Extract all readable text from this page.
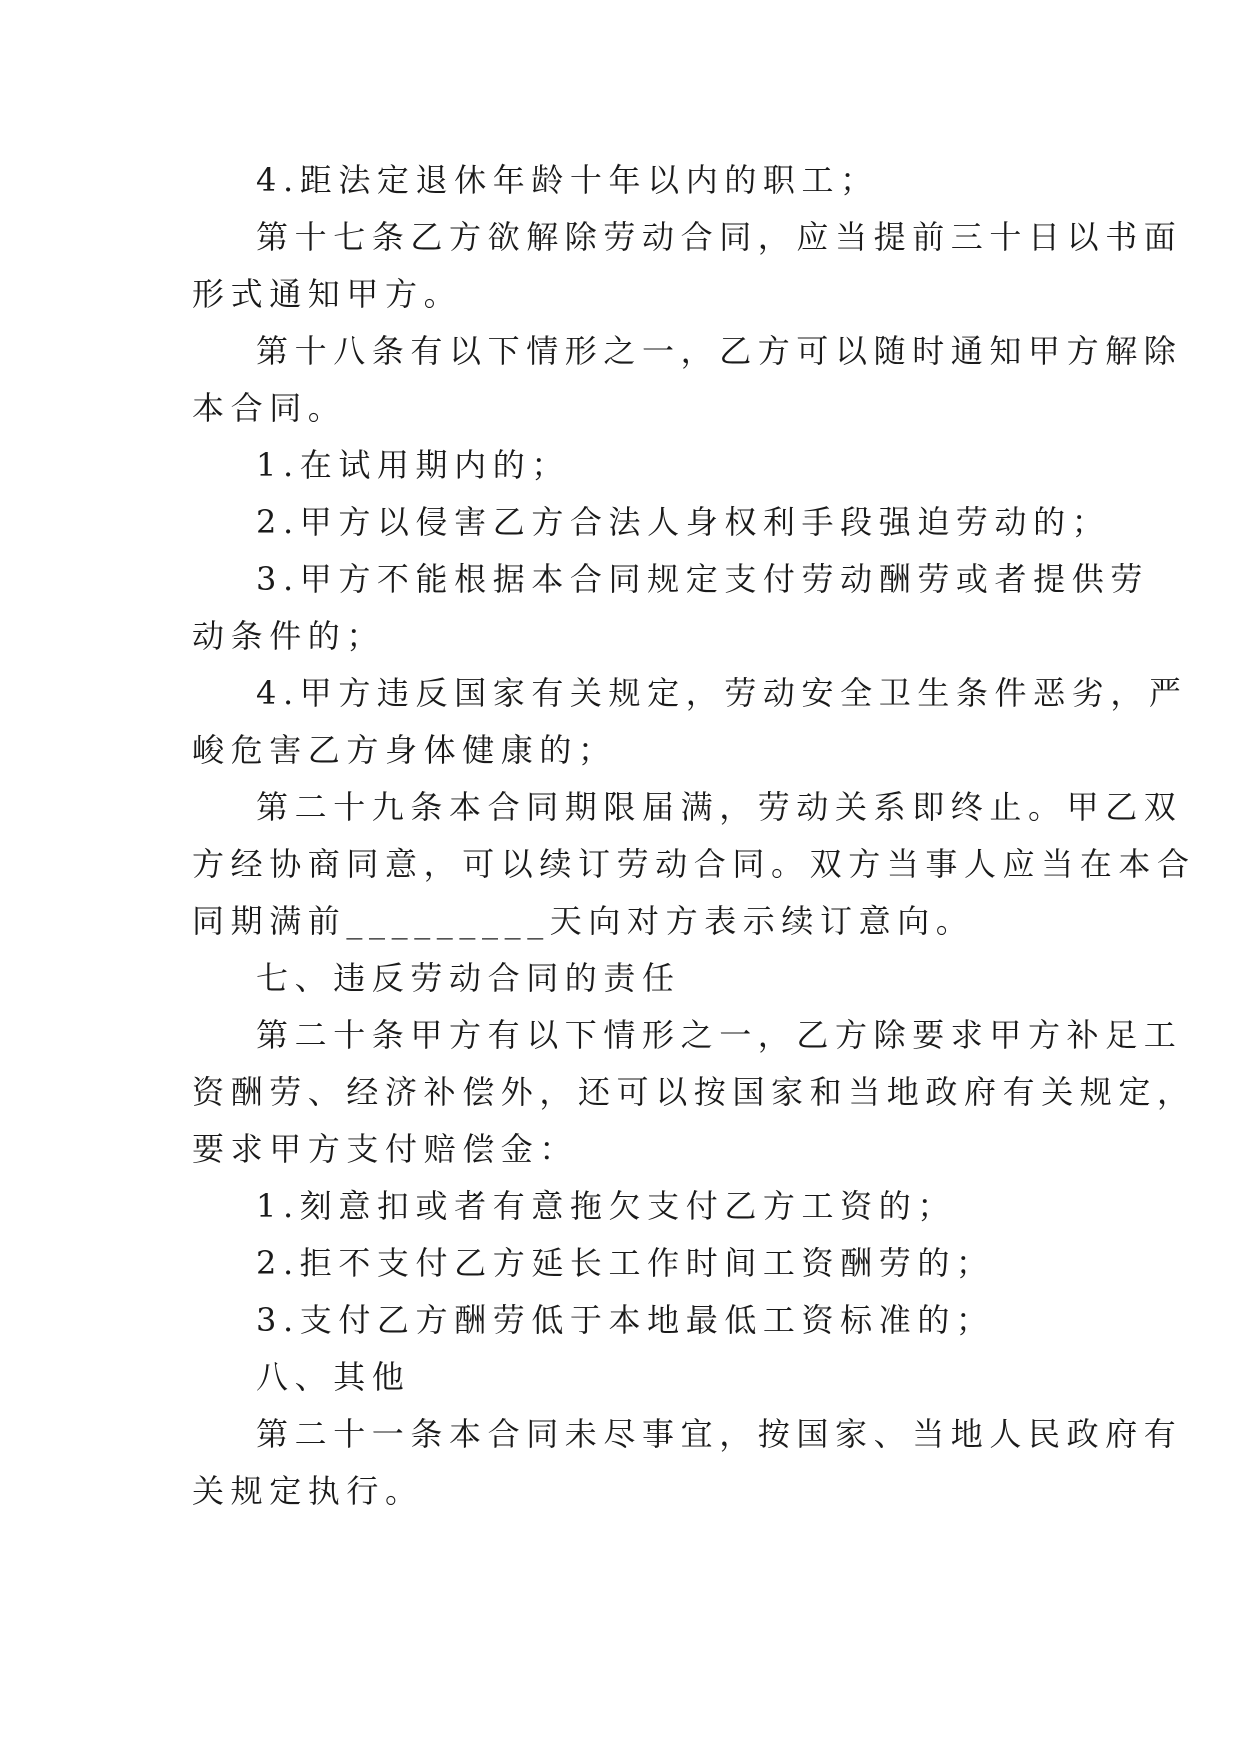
4.距法定退休年龄十年以内的职工；
第十七条乙方欲解除劳动合同，应当提前三十日以书面
形式通知甲方。
第十八条有以下情形之一，乙方可以随时通知甲方解除
本合同。
1.在试用期内的；
2.甲方以侵害乙方合法人身权利手段强迫劳动的；
3.甲方不能根据本合同规定支付劳动酬劳或者提供劳
动条件的；
4.甲方违反国家有关规定，劳动安全卫生条件恶劣，严
峻危害乙方身体健康的；
第二十九条本合同期限届满，劳动关系即终止。甲乙双
方经协商同意，可以续订劳动合同。双方当事人应当在本合
同期满前_________天向对方表示续订意向。
七、违反劳动合同的责任
第二十条甲方有以下情形之一，乙方除要求甲方补足工
资酬劳、经济补偿外，还可以按国家和当地政府有关规定，
要求甲方支付赔偿金：
1.刻意扣或者有意拖欠支付乙方工资的；
2.拒不支付乙方延长工作时间工资酬劳的；
3.支付乙方酬劳低于本地最低工资标准的；
八、其他
第二十一条本合同未尽事宜，按国家、当地人民政府有
关规定执行。
